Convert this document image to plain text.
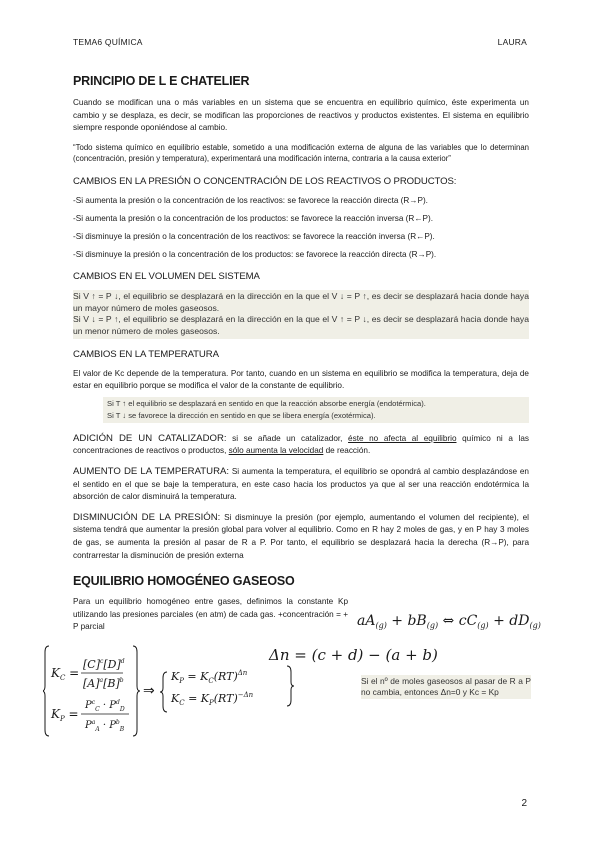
TEMA6 QUÍMICA	LAURA
PRINCIPIO DE L E CHATELIER

Cuando se modifican una o más variables en un sistema que se encuentra en equilibrio químico, éste experimenta un cambio y se desplaza, es decir, se modifican las proporciones de reactivos y productos existentes. El sistema en equilibrio siempre responde oponiéndose al cambio.

“Todo sistema químico en equilibrio estable, sometido a una modificación externa de alguna de las variables que lo determinan (concentración, presión y temperatura), experimentará una modificación interna, contraria a la causa exterior”

CAMBIOS EN LA PRESIÓN O CONCENTRACIÓN DE LOS REACTIVOS O PRODUCTOS:

-Si aumenta la presión o la concentración de los reactivos: se favorece la reacción directa (R→P).

-Si aumenta la presión o la concentración de los productos: se favorece la reacción inversa (R←P).

-Si disminuye la presión o la concentración de los reactivos: se favorece la reacción inversa (R←P).

-Si disminuye la presión o la concentración de los productos: se favorece la reacción directa (R→P).

CAMBIOS EN EL VOLUMEN DEL SISTEMA

Si V ↑ = P ↓, el equilibrio se desplazará en la dirección en la que el V ↓ = P ↑, es decir se desplazará hacia donde haya un mayor número de moles gaseosos.

Si V ↓ = P ↑, el equilibrio se desplazará en la dirección en la que el V ↑ = P ↓, es decir se desplazará hacia donde haya un menor número de moles gaseosos.

CAMBIOS EN LA TEMPERATURA

El valor de Kc depende de la temperatura. Por tanto, cuando en un sistema en equilibrio se modifica la temperatura, deja de estar en equilibrio porque se modifica el valor de la constante de equilibrio.

Si T ↑ el equilibrio se desplazará en sentido en que la reacción absorbe energía (endotérmica).

Si T ↓ se favorece la dirección en sentido en que se libera energía (exotérmica).

ADICIÓN DE UN CATALIZADOR: si se añade un catalizador, éste no afecta al equilibrio químico ni a las concentraciones de reactivos o productos, sólo aumenta la velocidad de reacción.

AUMENTO DE LA TEMPERATURA: Si aumenta la temperatura, el equilibrio se opondrá al cambio desplazándose en el sentido en el que se baje la temperatura, en este caso hacia los productos ya que al ser una reacción endotérmica la absorción de calor disminuirá la temperatura.

DISMINUCIÓN DE LA PRESIÓN: Si disminuye la presión (por ejemplo, aumentando el volumen del recipiente), el sistema tendrá que aumentar la presión global para volver al equilibrio. Como en R hay 2 moles de gas, y en P hay 3 moles de gas, se aumenta la presión al pasar de R a P. Por tanto, el equilibrio se desplazará hacia la derecha (R→P), para contrarrestar la disminución de presión externa

EQUILIBRIO HOMOGÉNEO GASEOSO

Para un equilibrio homogéneo entre gases, definimos la constante Kp utilizando las presiones parciales (en atm) de cada gas. +concentración = + P parcial	$aA_{(g)} + bB_{(g)}$ ⇔ $cC_{(g)} + dD_{(g)}$
$K_C$ =
$[C]^c[D]^d$
$[A]^a[B]^b$
$K_P$ =
$P^c_C \cdot P^d_D$
$P^a_A \cdot P^b_B$
⇒
$K_P = K_C(RT)^{\Delta n}$
$K_C = K_P(RT)^{-\Delta n}$
Δn = (c + d) − (a + b)

Si el nº de moles gaseosos al pasar de R a P no cambia, entonces Δn=0 y Kc = Kp

2
